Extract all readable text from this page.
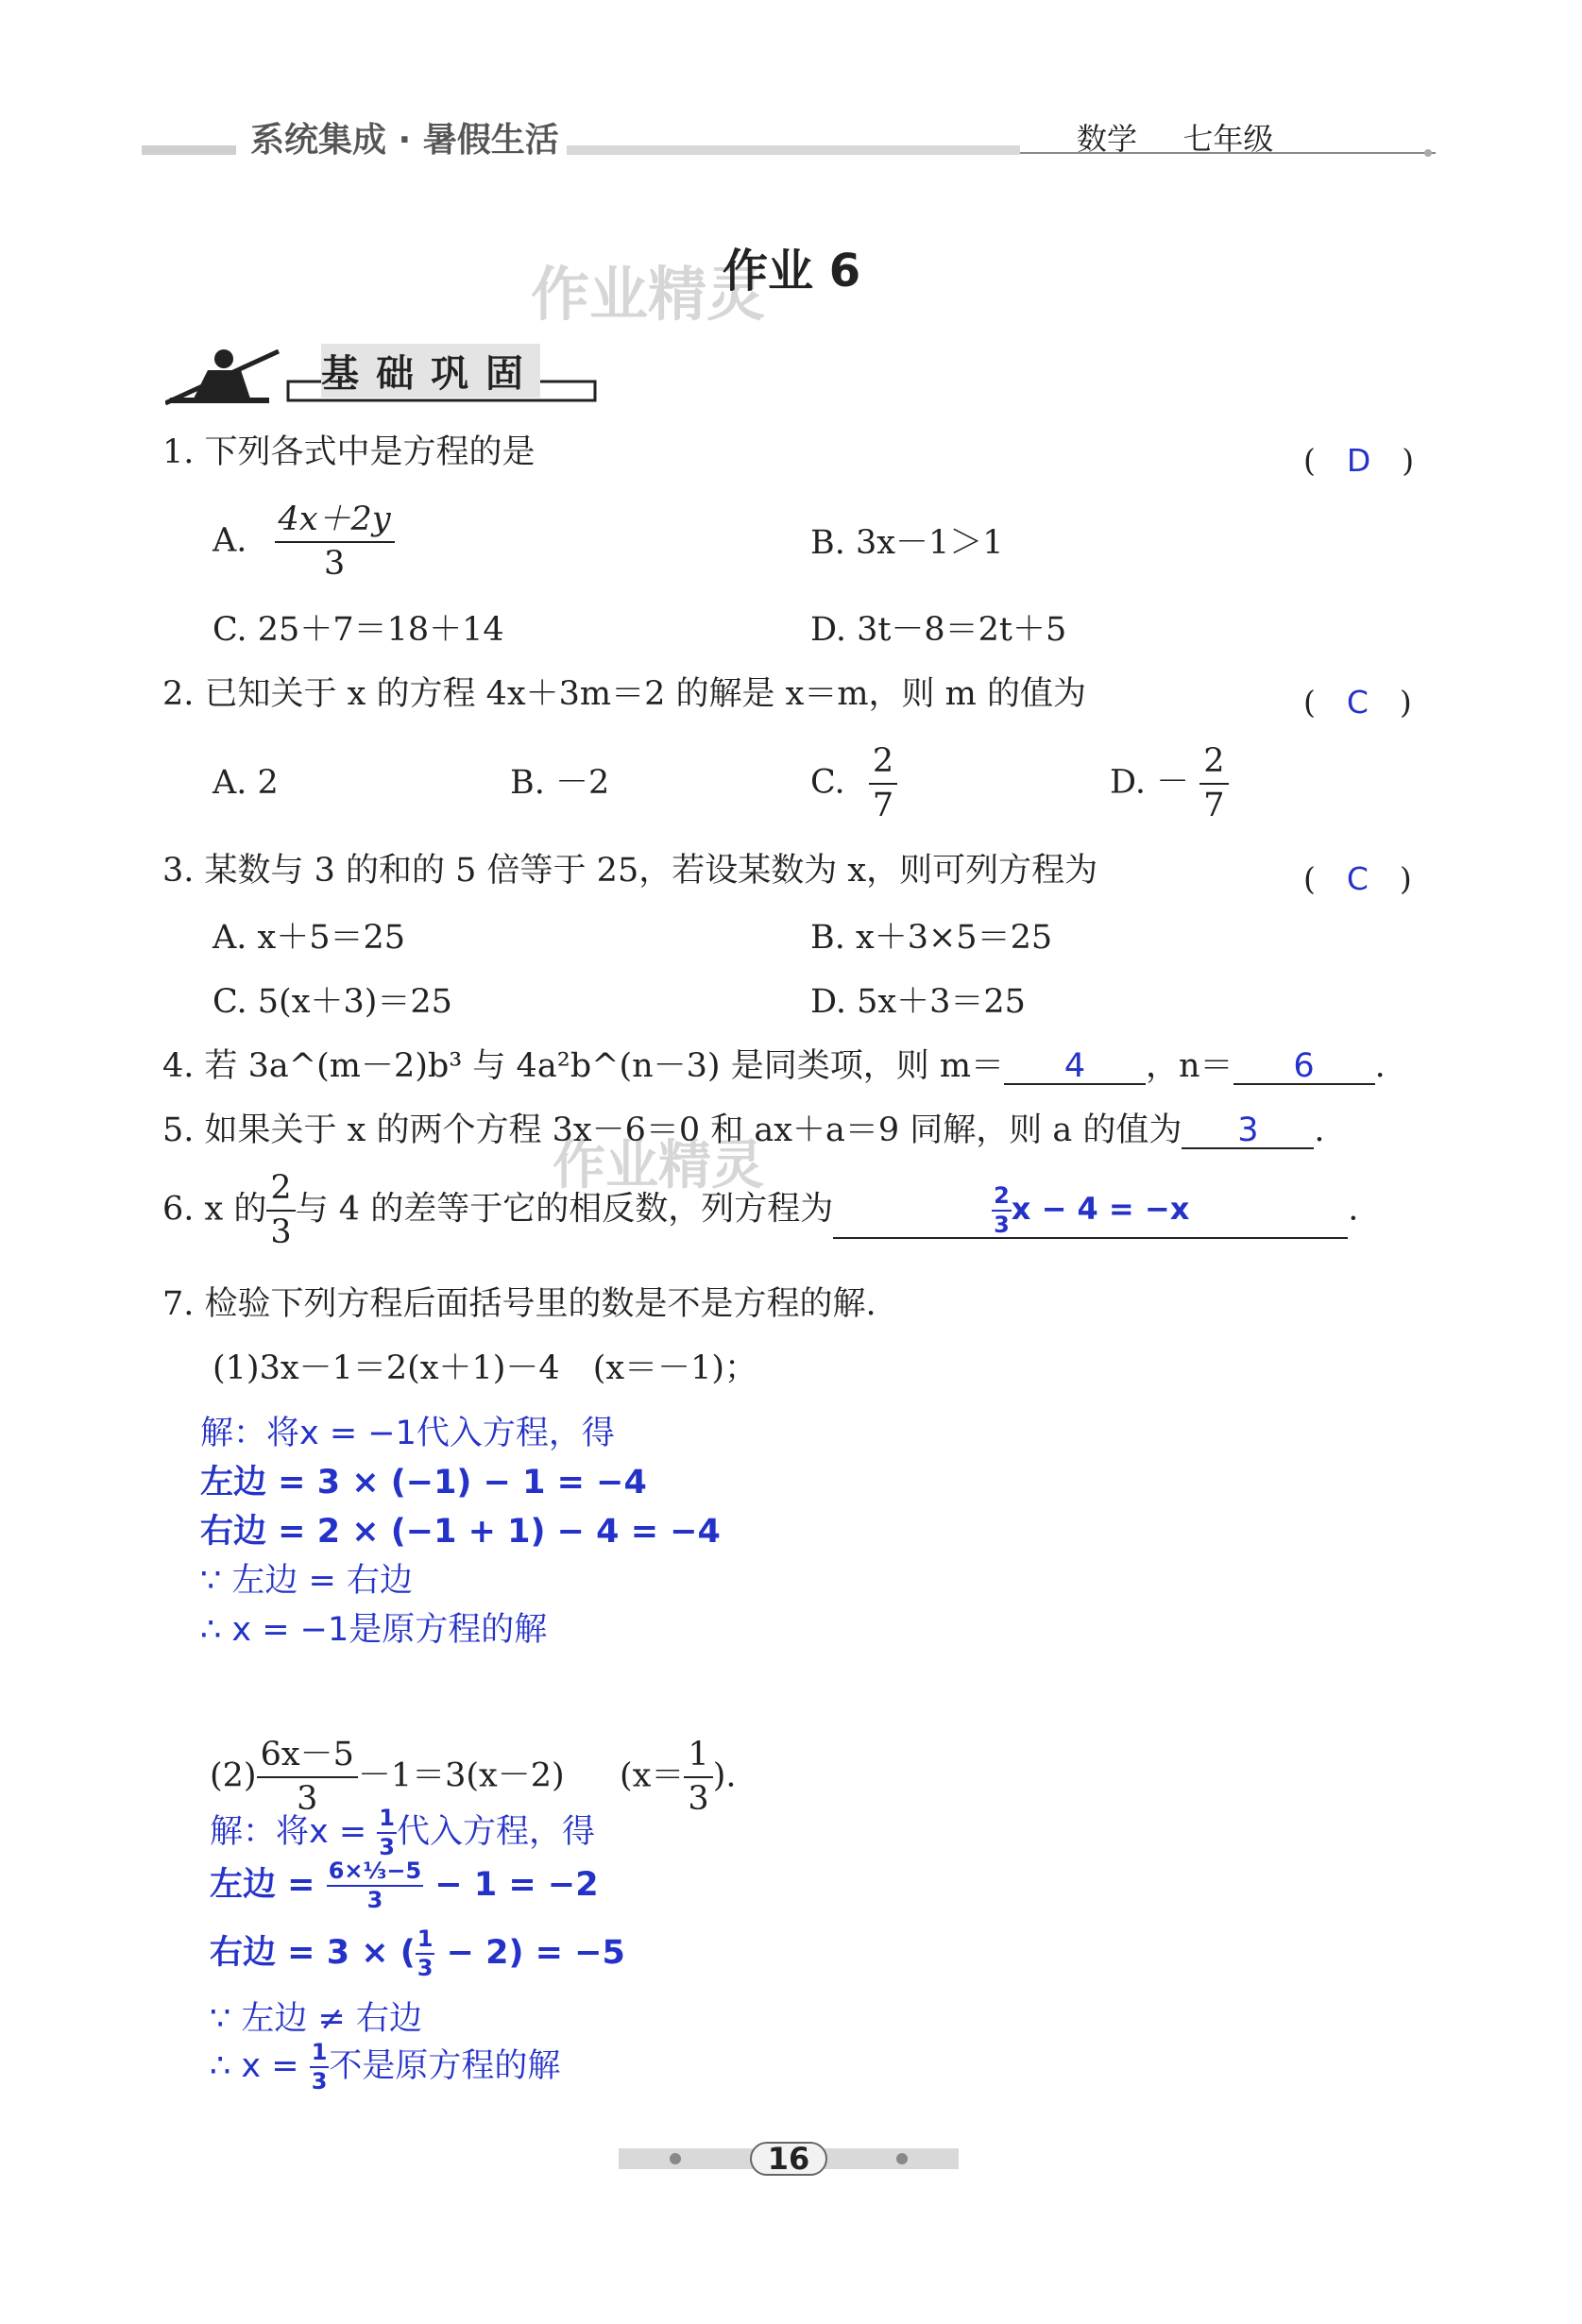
系统集成 · 暑假生活	数学 七年级
作业精灵
作业 6
基础巩固
1. 下列各式中是方程的是	(　D　)
A. $\frac{4x+2y}{3}$	B. 3x－1＞1
C. 25＋7＝18＋14	D. 3t－8＝2t＋5
2. 已知关于 x 的方程 4x＋3m＝2 的解是 x＝m，则 m 的值为	(　C　)
A. 2	B. －2	C. $\frac{2}{7}$	D. － $\frac{2}{7}$
3. 某数与 3 的和的 5 倍等于 25，若设某数为 x，则可列方程为	(　C　)
A. x＋5＝25	B. x＋3×5＝25
C. 5(x＋3)＝25	D. 5x＋3＝25
4. 若 3a^(m－2)b³ 与 4a²b^(n－3) 是同类项，则 m＝ 4 ，n＝ 6 .
作业精灵
5. 如果关于 x 的两个方程 3x－6＝0 和 ax＋a＝9 同解，则 a 的值为 3 .
6. x 的 $\frac{2}{3}$ 与 4 的差等于它的相反数，列方程为	$\frac{2}{3}$ x − 4 = −x	.
7. 检验下列方程后面括号里的数是不是方程的解.
(1)3x－1＝2(x＋1)－4　(x＝－1)；
解：将x = −1代入方程，得
左边 = 3 × (−1) − 1 = −4
右边 = 2 × (−1 + 1) − 4 = −4
∵ 左边 = 右边
∴ x = −1是原方程的解
$(2) \frac{6x-5}{3} -1=3(x-2)$ ($x= \frac{1}{3}$ ).
解：将$x = \frac{1}{3}$ 代入方程，得
左边 = $\frac{\text{6×⅓−5}}{3} - 1 = -2$
右边 = 3 × ( $\frac{1}{3} - 2) = -5$
∵ 左边 ≠ 右边
∴ $x = \frac{1}{3}$ 不是原方程的解
16
